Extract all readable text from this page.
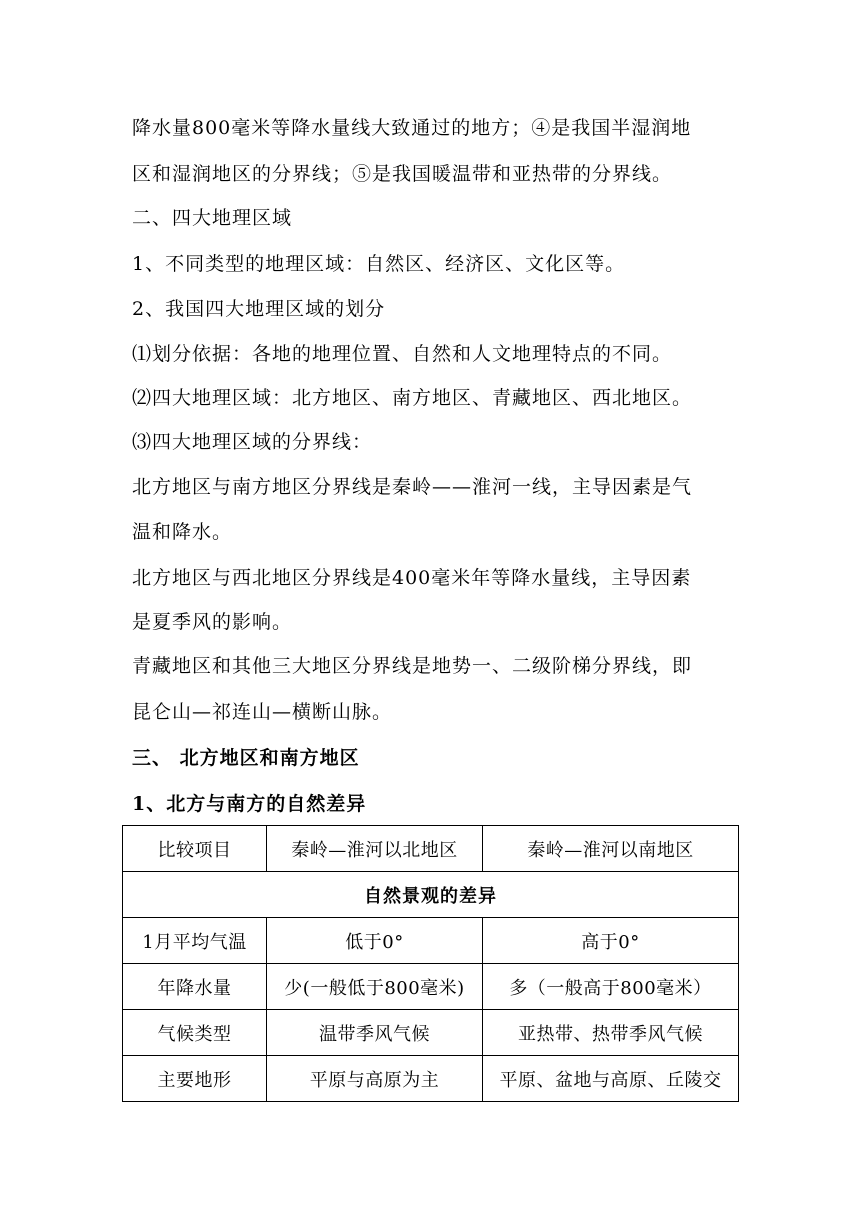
降水量800毫米等降水量线大致通过的地方；④是我国半湿润地
区和湿润地区的分界线；⑤是我国暖温带和亚热带的分界线。
二、四大地理区域
1、不同类型的地理区域：自然区、经济区、文化区等。
2、我国四大地理区域的划分
⑴划分依据：各地的地理位置、自然和人文地理特点的不同。
⑵四大地理区域：北方地区、南方地区、青藏地区、西北地区。
⑶四大地理区域的分界线：
北方地区与南方地区分界线是秦岭——淮河一线，主导因素是气
温和降水。
北方地区与西北地区分界线是400毫米年等降水量线，主导因素
是夏季风的影响。
青藏地区和其他三大地区分界线是地势一、二级阶梯分界线，即
昆仑山—祁连山—横断山脉。
三、 北方地区和南方地区
1、北方与南方的自然差异
比较项目	秦岭—淮河以北地区	秦岭—淮河以南地区
自然景观的差异		
1月平均气温	低于0°	高于0°
年降水量	少(一般低于800毫米)	多（一般高于800毫米）
气候类型	温带季风气候	亚热带、热带季风气候
主要地形	平原与高原为主	平原、盆地与高原、丘陵交
